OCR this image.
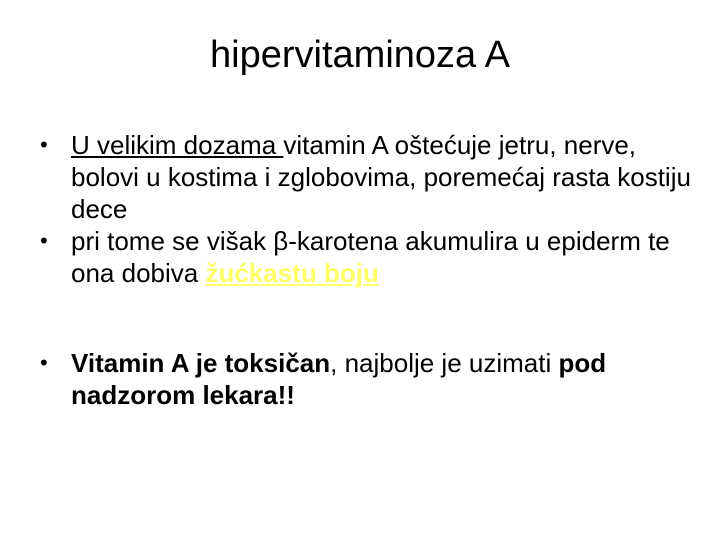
hipervitaminoza A
• U velikim dozama vitamin A oštećuje jetru, nerve, bolovi u kostima i zglobovima, poremećaj rasta kostiju dece
• pri tome se višak β-karotena akumulira u epiderm te ona dobiva žućkastu boju
• Vitamin A je toksičan, najbolje je uzimati pod nadzorom lekara!!
